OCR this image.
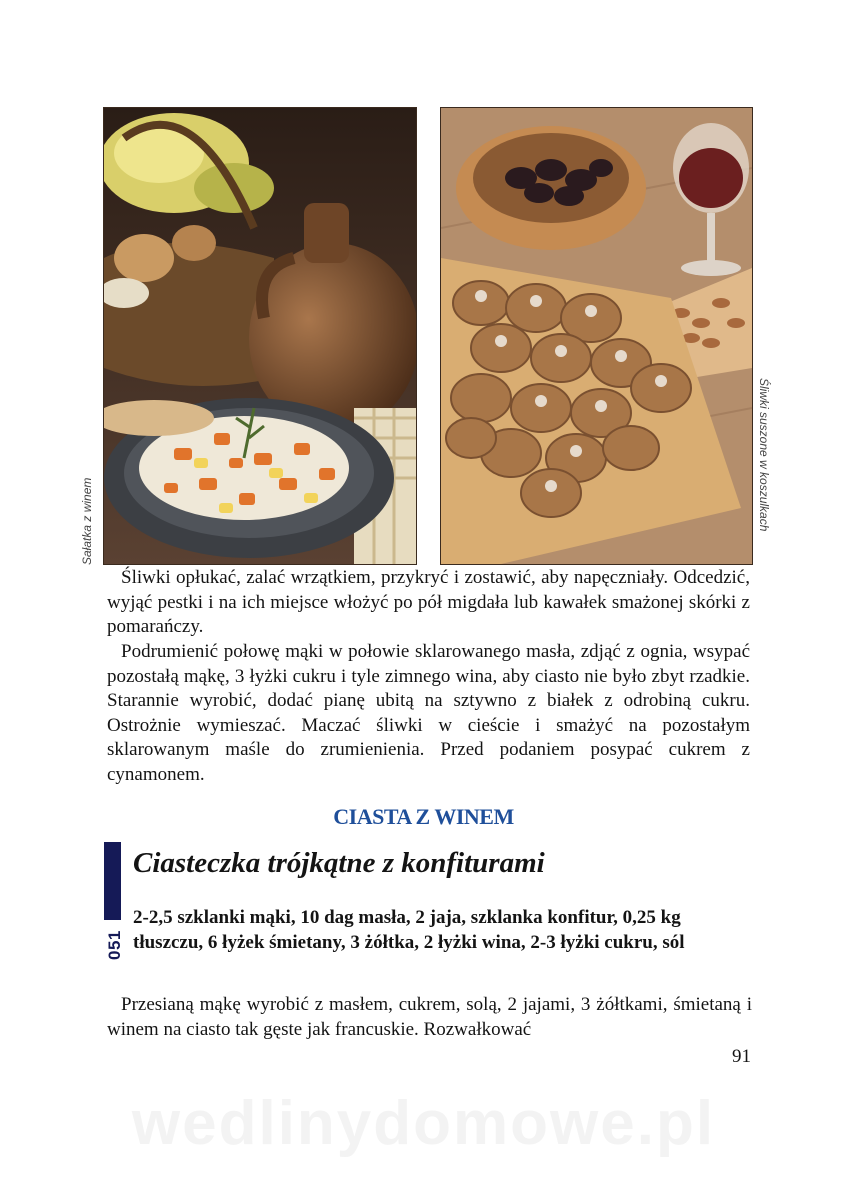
Sałatka z winem	Śliwki suszone w koszulkach
Śliwki opłukać, zalać wrzątkiem, przykryć i zostawić, aby napęczniały. Odcedzić, wyjąć pestki i na ich miejsce włożyć po pół migdała lub kawałek smażonej skórki z pomarańczy.
Podrumienić połowę mąki w połowie sklarowanego masła, zdjąć z ognia, wsypać pozostałą mąkę, 3 łyżki cukru i tyle zimnego wina, aby ciasto nie było zbyt rzadkie. Starannie wyrobić, dodać pianę ubitą na sztywno z białek z odrobiną cukru. Ostrożnie wymieszać. Maczać śliwki w cieście i smażyć na pozostałym sklarowanym maśle do zrumienienia. Przed podaniem posypać cukrem z cynamonem.
CIASTA Z WINEM
051
Ciasteczka trójkątne z konfiturami
2-2,5 szklanki mąki, 10 dag masła, 2 jaja, szklanka konfitur, 0,25 kg tłuszczu, 6 łyżek śmietany, 3 żółtka, 2 łyżki wina, 2-3 łyżki cukru, sól
Przesianą mąkę wyrobić z masłem, cukrem, solą, 2 jajami, 3 żółtkami, śmietaną i winem na ciasto tak gęste jak francuskie. Rozwałkować
91
wedlinydomowe.pl
